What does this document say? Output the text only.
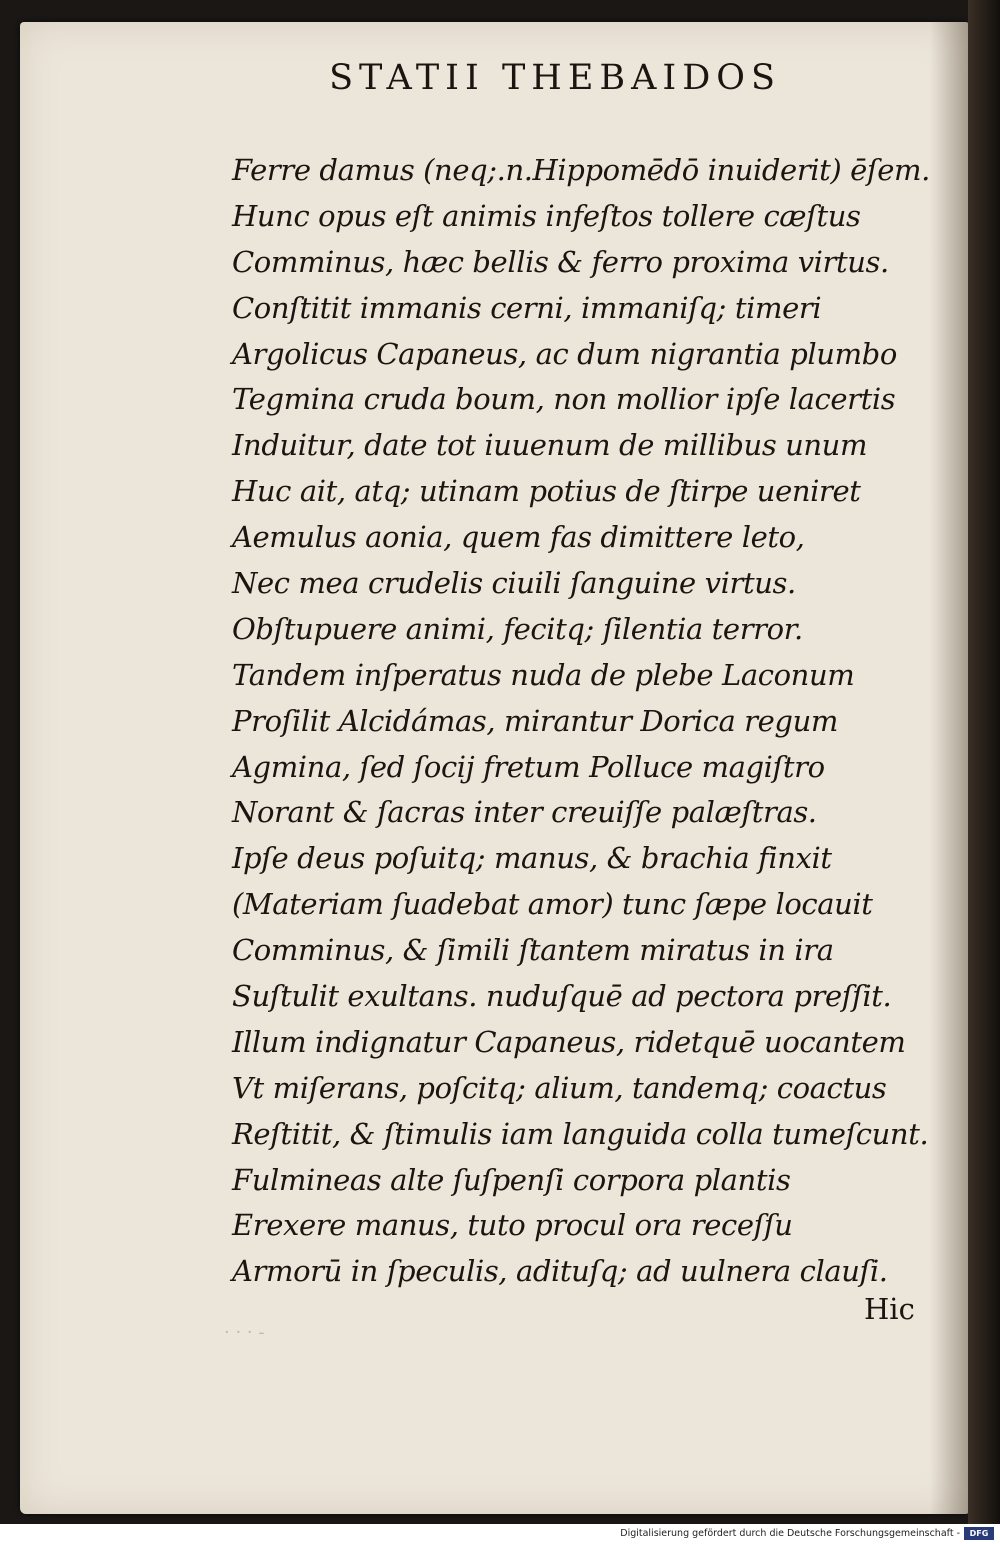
STATII THEBAIDOS
Ferre damus (neq;.n.Hippomēdō inuiderit) ēſem.
Hunc opus eſt animis infeſtos tollere cæſtus
Comminus, hæc bellis & ferro proxima virtus.
Conſtitit immanis cerni, immaniſq; timeri
Argolicus Capaneus, ac dum nigrantia plumbo
Tegmina cruda boum, non mollior ipſe lacertis
Induitur, date tot iuuenum de millibus unum
Huc ait, atq; utinam potius de ſtirpe ueniret
Aemulus aonia, quem fas dimittere leto,
Nec mea crudelis ciuili ſanguine virtus.
Obſtupuere animi, fecitq; ſilentia terror.
Tandem inſperatus nuda de plebe Laconum
Proſilit Alcidámas, mirantur Dorica regum
Agmina, ſed ſocij fretum Polluce magiſtro
Norant & ſacras inter creuiſſe palæſtras.
Ipſe deus poſuitq; manus, & brachia finxit
(Materiam ſuadebat amor) tunc ſæpe locauit
Comminus, & ſimili ſtantem miratus in ira
Suſtulit exultans. nuduſquē ad pectora preſſit.
Illum indignatur Capaneus, ridetquē uocantem
Vt miſerans, poſcitq; alium, tandemq; coactus
Reſtitit, & ſtimulis iam languida colla tumeſcunt.
Fulmineas alte ſuſpenſi corpora plantis
Erexere manus, tuto procul ora receſſu
Armorū in ſpeculis, adituſq; ad uulnera clauſi.
Hic
· · · -
Digitalisierung gefördert durch die Deutsche Forschungsgemeinschaft -	DFG
